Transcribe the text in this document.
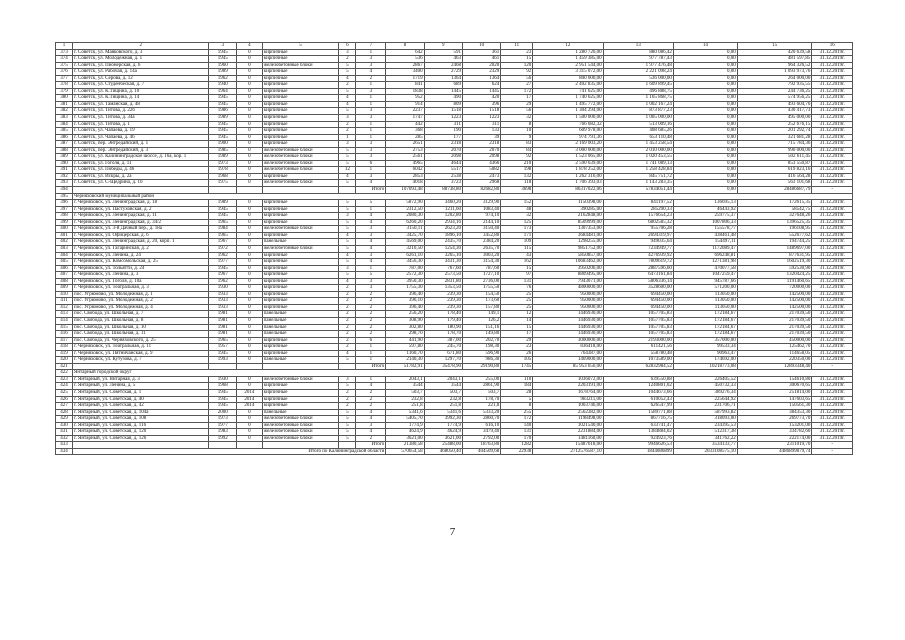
1	2	3	4	5	6	7	8	9	10	11	12	13	14	15	16
373	г. Советск, ул. Маяковского, д. 3	1945	0	кирпичные	3	1	642	591	361	23	1 280 726,00	880 086,42	0,00	420 639,58	31.12.2019г.
374	г. Советск, ул. Молодежная, д. 1	1945	0	кирпичные	2	3	536	463	461	15	1 459 385,00	977 787,43	0,00	481 597,85	31.12.2019г.
375	г. Советск, ул. Пионерская, д. 6	1960	0	железобетонные блоки	5	3	2867	2468	2020	120	2 951 544,00	1 977 476,48	0,00	964 326,52	31.12.2019г.
376	г. Советск, ул. Рабочая, д. 14а	1989	0	кирпичные	5	4	3400	2729	2329	92	3 315 072,00	2 221 098,24	0,00	1 093 973,76	31.12.2019г.
377	г. Советск, ул. Серова, д. 12	1962	0	кирпичные	4	2	1719	1364	1364	56	800 000,00	536 000,00	0,00	264 000,00	31.12.2019г.
378	г. Советск, ул. Студенческая, д. 7	1940	0	кирпичные	2	1	841	689	624	27	2 402 835,00	1 609 899,45	0,00	792 935,55	31.12.2019г.
379	г. Советск, ул. К.Тищина, д. 10	1964	0	кирпичные	5	3	1838	1445	1445	172	741 625,00	496 888,75	0,00	244 736,25	31.12.2019г.
380	г. Советск, ул. К.Тищина, д. 14	1945	0	кирпичные	4	1	952	490	420	17	1 740 625,00	1 165 868,75	0,00	574 956,25	31.12.2019г.
381	г. Советск, ул. Таманская, д. 48	1945	0	кирпичные	4	1	914	809	396	29	1 495 772,00	1 002 167,24	0,00	493 604,76	31.12.2019г.
382	г. Советск, ул. Титова, д. 22б	1986	0	кирпичные	5	3	2237	1518	1518	56	1 304 294,00	873 877,23	0,00	430 417,73	31.12.2019г.
383	г. Советск, ул. Титова, д. 34а	1989	0	кирпичные	3	3	1747	1223	1223	32	1 500 000,00	1 005 000,00	0,00	495 000,00	31.12.2019г.
384	г. Советск, ул. Титова, д. 1	1945	0	кирпичные	2	1	442	311	311	8	766 682,32	513 009,16	0,00	252 676,15	31.12.2019г.
385	г. Советск, ул. Чапаева, д. 19	1945	0	кирпичные	2	1	368	190	133	10	609 978,00	408 685,26	0,00	201 292,74	31.12.2019г.
386	г. Советск, ул. Чапаева, д. 46	1945	0	кирпичные	1	1	285	177	39	9	974 791,36	653 110,48	0,00	321 681,28	31.12.2019г.
387	г. Советск, пер. Энтредайский, д. 1	1900	0	кирпичные	3	3	2651	2318	2318	83	2 169 003,20	1 453 258,54	0,00	715 784,36	31.12.2019г.
388	г. Советск, пер. Энтредайский, д. 3	1985	0	железобетонные блоки	5	3	2753	2070	2070	84	3 000 000,00	2 010 000,00	0,00	990 000,00	31.12.2019г.
389	г. Советск, ул. Калининградское шоссе, д. 16а, кор. 1	1989	0	железобетонные блоки	5	3	2561	2098	2098	92	1 523 065,00	1 020 453,55	0,00	502 611,45	31.12.2019г.
390	г. Советск, ул. Гоголя, д. 11	1973	0	железобетонные блоки	5	6	4965	4644	4366	210	2 590 639,00	1 741 089,13	0,00	853 550,87	31.12.2019г.
391	г. Советск, ул. Победы, д. 46	1978	0	железобетонные блоки	12	1	6042	5517	5082	198	1 878 252,00	1 258 428,84	0,00	619 823,16	31.12.2019г.
392	г. Советск, ул. Искры, д. 2а	1968	0	кирпичные	4	3	2853	2538	2473	132	1 262 316,00	845 751,72	0,00	416 564,28	31.12.2019г.
393	г. Советск, ул. С-Щедрина, д. 10	1975	0	железобетонные блоки	5	4	4018	3723	2968	118	1 706 393,03	1 143 283,35	0,00	563 101,68	31.12.2019г.
394						Итого	107093,48	88738,80	82682,80	3698	86317022,06	57834051,44	0,00	28486687,79	-
395	Черняховский муниципальный район														
396	г. Черняховск, ул. Ленинградская, д. 18	1989	0	кирпичные	5	5	5872,90	3460,20	3129,90	152	1150398,00	841197,52	136695,13	172615,35	31.12.2019г.
397	г. Черняховск, ул. Пастуховская, д. 2	1945	0	кирпичные	5	1	2312,50	1211,60	1083,40	48	390285,00	285290,33	46443,92	58542,75	31.12.2019г.
398	г. Черняховск, ул. Ленинградская, д. 11	1945	0	кирпичные	3	4	2080,30	1202,80	974,10	32	2162848,00	1576654,23	259775,37	327648,26	31.12.2019г.
399	г. Черняховск, ул. Ленинградская, д. 34/2	1965	0	кирпичные	5	4	6260,20	2934,16	2144,10	125	8509999,00	6802585,32	1007806,33	1396525,35	31.12.2019г.
400	г. Черняховск, ул. 3-й Дачный пер., д. 18а	1984	0	железобетонные блоки	5	3	3150,11	2623,20	3150,40	173	1307353,00	955706,28	155578,77	196108,95	31.12.2019г.
401	г. Черняховск, ул. Офицерская, д. 6	1965	0	кирпичные	4	3	3425,70	1896,10	3452,80	171	3684481,00	2694319,97	438461,48	552677,62	31.12.2019г.
402	г. Черняховск, ул. Ленинградская, д. 20, корп. 1	1967	0	панельные	5	4	4569,00	2435,70	2384,20	109	1298255,00	949035,64	154497,11	194744,25	31.12.2019г.
403	г. Черняховск, ул. Гагаринская, д. 2	1972	0	железобетонные блоки	5	4	3210,50	1254,30	2635,70	115	9851752,00	7234949,77	1172089,47	1489697,00	31.12.2019г.
404	г. Черняховск, ул. Ленина, д. 24	1962	0	кирпичные	4	3	6261,10	3265,10	3003,20	43	5850857,00	4276939,92	696248,81	877631,95	31.12.2019г.
405	г. Черняховск, ул. Комсомольская, д. 25	1977	0	кирпичные	5	4	3456,30	3431,30	3154,30	162	10683462,00	7809619,72	1271381,98	1602519,30	31.12.2019г.
406	г. Черняховск, ул. Тольятти, д. 24	1945	0	кирпичные	3	1	787,00	767,60	787,60	15	3950206,00	2887596,60	470077,58	592530,90	31.12.2019г.
407	г. Черняховск, ул. Ленина, д. 3	1967	0	кирпичные	5	5	2572,30	2573,50	1727,10	97	8809495,00	6473161,84	1047259,47	1320424,25	31.12.2019г.
408	г. Черняховск, ул. Гоголя, д. 10а	1962	0	кирпичные	4	3	3950,30	2831,80	2736,00	131	7943071,00	5806336,14	945787,66	1191460,65	31.12.2019г.
409	г. Черняховск, ул. Театральная, д. 3	1930	0	кирпичные	2	3	1755,30	1353,50	1755,50	76	4800000,00	3528600,00	571200,00	720000,00	31.12.2019г.
410	пос. Угрюмово, ул. Молодежная, д. 1	1933	0	кирпичные	2	2	396,40	239,30	154,50	25	950000,00	694450,00	113050,00	142500,00	31.12.2019г.
411	пос. Угрюмово, ул. Молодежная, д. 2	1933	0	кирпичные	2	2	396,10	239,30	173,60	25	950000,00	694450,00	113050,00	142500,00	31.12.2019г.
412	пос. Угрюмово, ул. Молодежная, д. 4	1933	0	кирпичные	2	2	396,40	239,30	157,80	25	950000,00	694450,00	113050,00	142500,00	31.12.2019г.
413	пос. Свобода, ул. Школьная, д. 7	1981	0	панельные	2	2	256,20	178,40	149,1	12	1446930,00	1057705,83	172184,67	217039,50	31.12.2019г.
414	пос. Свобода, ул. Школьная, д. 8	1981	0	панельные	2	2	308,90	179,40	126,2	14	1446930,00	1057705,83	172184,67	217039,50	31.12.2019г.
415	пос. Свобода, ул. Школьная, д. 10	1981	0	панельные	2	2	302,80	180,90	151,16	15	1446930,00	1057705,83	172184,67	217039,50	31.12.2019г.
416	пос. Свобода, ул. Школьная, д. 11	1981	0	панельные	2	2	298,70	178,70	149,80	17	1446930,00	1057705,83	172184,67	217039,50	31.12.2019г.
417	пос. Свобода, ул. Черняховского, д. 25	1965	0	кирпичные	2	6	441,90	387,00	202,70	29	3000000,00	2193000,00	357000,00	450000,00	31.12.2019г.
418	г. Черняховск, ул. Театральная, д. 11	1957	0	кирпичные	2	1	597,80	245,70	198,30	23	836418,00	611421,56	99533,34	125462,70	31.12.2019г.
419	г. Черняховск, ул. Пятничанская, д. 9	1945	0	кирпичные	4	1	1160,70	671,80	596,90	26	764387,00	558780,48	90963,47	114658,05	31.12.2019г.
420	г. Черняховск, ул. Кутузова, д. 7	1993	0	панельные	5	1	2140,30	1297,70	986,30	105	1469000,00	1073589,00	174692,00	220350,00	31.12.2019г.
421						Итого	51782,91	35478,90	29190,80	1745	85 953 656,00	62832984,52	10218773,08	12893348,40	-
422	Янтарный городской округ														
423	г. Янтарный, ул. Янтарная, д. 3	1930	0	железобетонные блоки	3	1	2043,1	2043,1	255,00	110	1036072,00	639550,88	226405,52	154610,80	31.12.2019г.
424	г. Янтарный, ул. Ленина, д. 5	1968	0	кирпичные	5	4	3544	3544	2861,90	184	2203191,00	1240801,02	450732,33	300670,65	31.12.2019г.
425	г. Янтарный, ул. Советская, д. 1	1945	2014	кирпичные	2	2	503,7	503,7	503,7	28	1678764,00	1044673,66	389276,34	251814,00	31.12.2019г.
426	г. Янтарный, ул. Советская, д. 40	1945	2014	кирпичные	2	2	232,8	232,8	178,70	5	983211,00	610052,43	225644,92	147603,65	31.12.2019г.
427	г. Янтарный, ул. Советская, д. 42	1945	2014	кирпичные	2	2	251,8	251,8	221,8	8	1003746,00	626547,99	231706,71	150561,30	31.12.2019г.
428	г. Янтарный, ул. Советская, д. 104а	2000	0	панельные	5	4	5341,6	5341,6	5333,20	255	2562382,00	1589771,88	587993,82	384353,30	31.12.2019г.
429	г. Янтарный, ул. Советская, д. 108	1973	0	железобетонные блоки	5	4	5405,70	3992,30	2860,70	172	1198498,00	867716,75	318093,00	269773,70	31.12.2019г.
430	г. Янтарный, ул. Советская, д. 116	1977	0	железобетонные блоки	5	3	1774,9	1774,9	616,10	140	1021540,00	633741,47	234395,53	153201,00	31.12.2019г.
431	г. Янтарный, ул. Советская, д. 120	1983	0	железобетонные блоки	5	4	4624,9	4624,9	3479,40	131	2231884,00	1384884,02	512317,38	334782,60	31.12.2019г.
432	г. Янтарный, ул. Советская, д. 126	1992	0	железобетонные блоки	5	2	3621,00	3621,00	2792,00	170	1481160,00	924923,76	341762,22	222174,00	31.12.2019г.
433						Итого	21380,58	25488,00	18763,80	1282	15487618,00	9946626,53	3534133,77	2311019,70	-
434	Итого по Калининградской области						570654,58	468050,40	404509,68	22938	2712576587,10	1844086899	2033108575,10	4486899879,74	-
7
